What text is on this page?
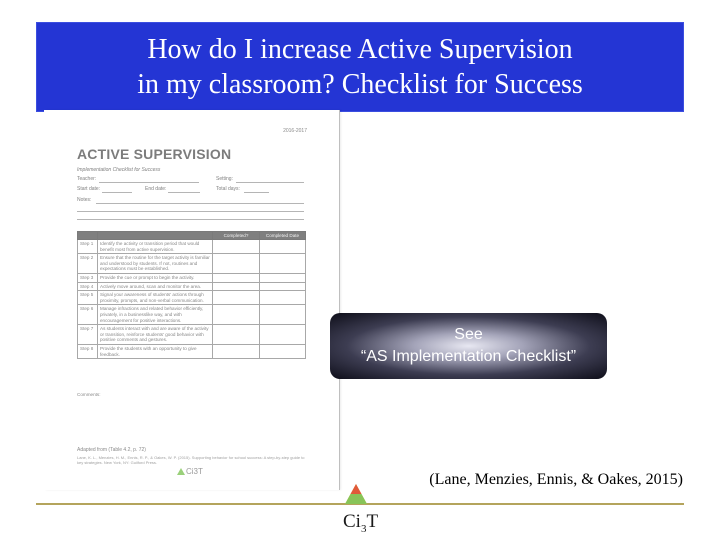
How do I increase Active Supervision
in my classroom? Checklist for Success
2016-2017
ACTIVE SUPERVISION
Implementation Checklist for Success
Teacher:	Setting:
Start date:	End date:	Total days:
Notes:
		Completed?	Completed Date
Step 1	Identify the activity or transition period that would benefit most from active supervision.		
Step 2	Ensure that the routine for the target activity is familiar and understood by students. If not, routines and expectations must be established.		
Step 3	Provide the cue or prompt to begin the activity.		
Step 4	Actively move around, scan and monitor the area.		
Step 5	Signal your awareness of students' actions through proximity, prompts, and non-verbal communication.		
Step 6	Manage infractions and related behavior efficiently, privately, in a businesslike way, and with encouragement for positive interactions.		
Step 7	As students interact with and are aware of the activity or transition, reinforce students' good behavior with positive comments and gestures.		
Step 8	Provide the students with an opportunity to give feedback.		
Comments:
Adapted from (Table 4.2, p. 72)
Lane, K. L., Menzies, H. M., Ennis, R. P., & Oakes, W. P. (2015). Supporting behavior for school success: A step-by-step guide to key strategies. New York, NY: Guilford Press.
Ci3T
See
“AS Implementation Checklist”
(Lane, Menzies, Ennis, & Oakes, 2015)
$Ci_3T$
